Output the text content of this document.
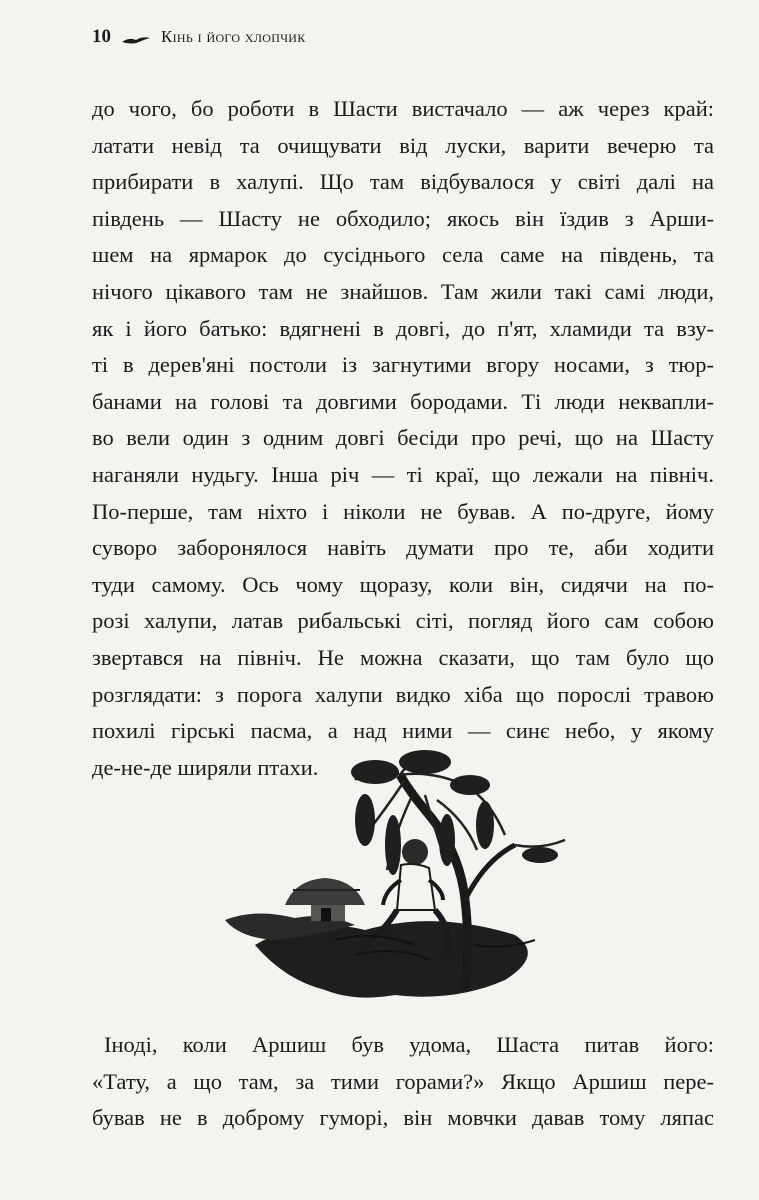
10	Кінь і його хлопчик
до чого, бо роботи в Шасти вистачало — аж через край:
латати невід та очищувати від луски, варити вечерю та
прибирати в халупі. Що там відбувалося у світі далі на
південь — Шасту не обходило; якось він їздив з Арши-
шем на ярмарок до сусіднього села саме на південь, та
нічого цікавого там не знайшов. Там жили такі самі люди,
як і його батько: вдягнені в довгі, до п'ят, хламиди та взу-
ті в дерев'яні постоли із загнутими вгору носами, з тюр-
банами на голові та довгими бородами. Ті люди неквапли-
во вели один з одним довгі бесіди про речі, що на Шасту
наганяли нудьгу. Інша річ — ті краї, що лежали на північ.
По-перше, там ніхто і ніколи не бував. А по-друге, йому
суворо заборонялося навіть думати про те, аби ходити
туди самому. Ось чому щоразу, коли він, сидячи на по-
розі халупи, латав рибальські сіті, погляд його сам собою
звертався на північ. Не можна сказати, що там було що
розглядати: з порога халупи видко хіба що порослі травою
похилі гірські пасма, а над ними — синє небо, у якому
де-не-де ширяли птахи.
Іноді, коли Аршиш був удома, Шаста питав його:
«Тату, а що там, за тими горами?» Якщо Аршиш пере-
бував не в доброму гуморі, він мовчки давав тому ляпас
